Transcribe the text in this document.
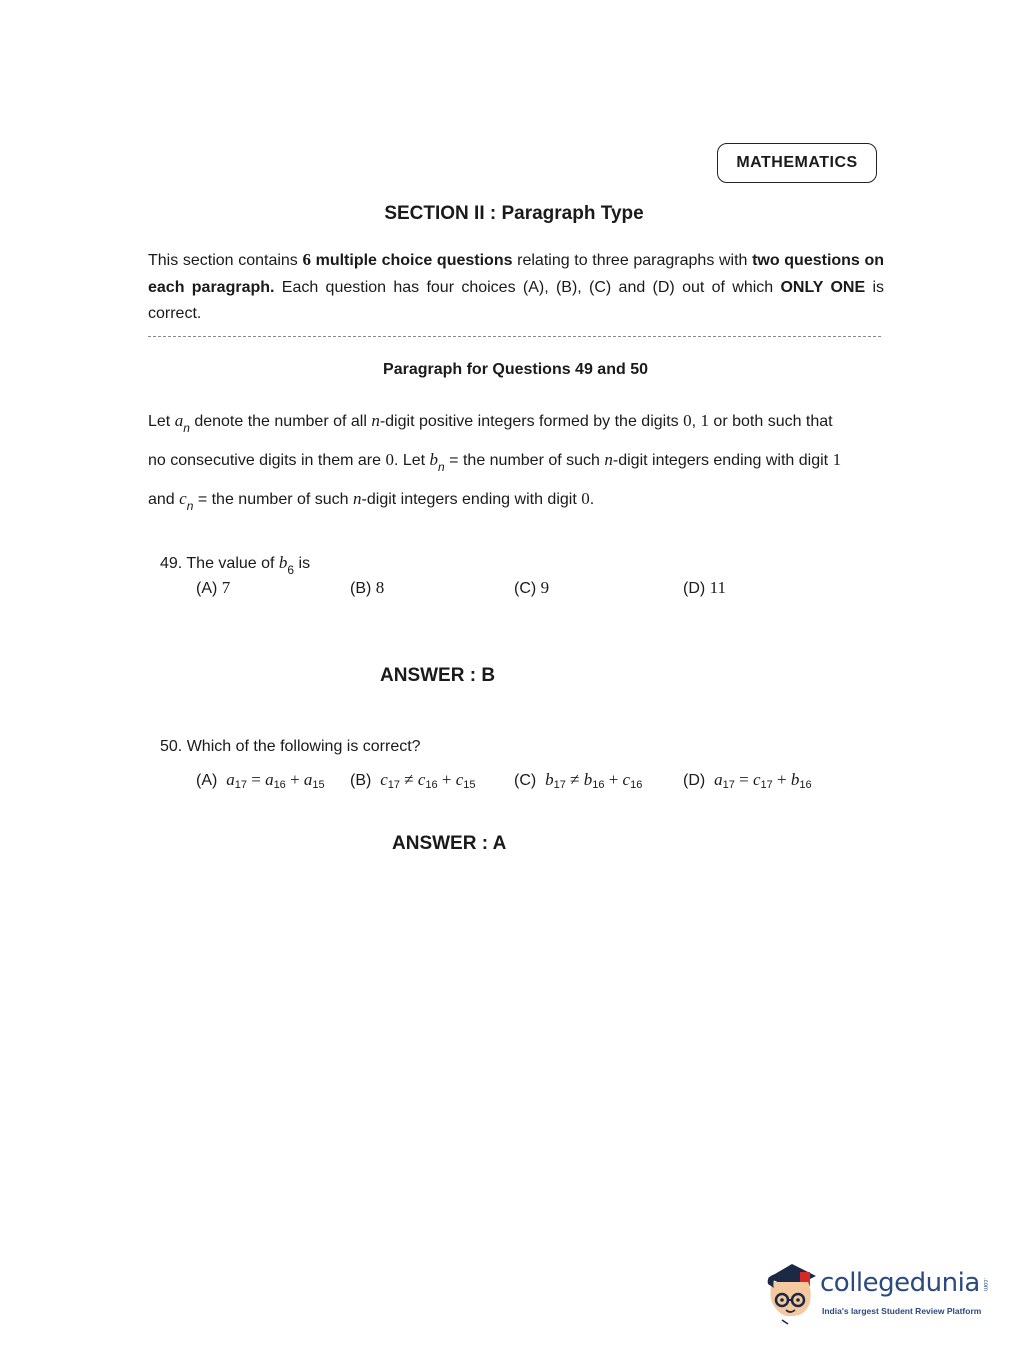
MATHEMATICS
SECTION II : Paragraph Type
This section contains 6 multiple choice questions relating to three paragraphs with two questions on each paragraph. Each question has four choices (A), (B), (C) and (D) out of which ONLY ONE is correct.
Paragraph for Questions 49 and 50
Let $a_n$ denote the number of all n-digit positive integers formed by the digits 0, 1 or both such that
no consecutive digits in them are 0. Let $b_n$ = the number of such n-digit integers ending with digit 1
and $c_n$ = the number of such n-digit integers ending with digit 0.
49. The value of $b_6$ is
(A) 7	(B) 8	(C) 9	(D) 11
ANSWER : B
50. Which of the following is correct?
(A) $a_{17} = a_{16} + a_{15}$ (B) $c_{17} \ne c_{16} + c_{15}$ (C) $b_{17} \ne b_{16} + c_{16}$	(D) $a_{17} = c_{17} + b_{16}$
ANSWER : A
collegedunia .com
India's largest Student Review Platform
